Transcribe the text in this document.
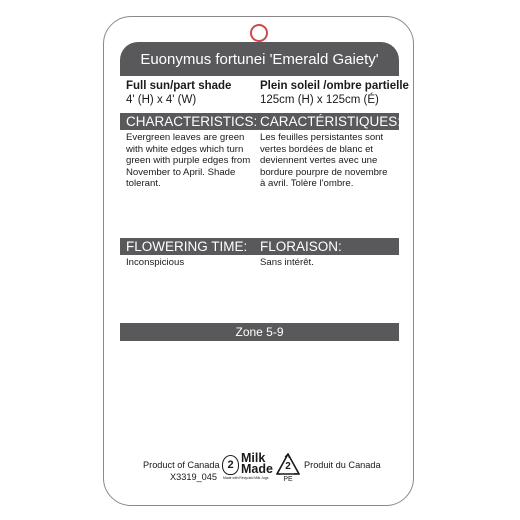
Euonymus fortunei 'Emerald Gaiety'
Full sun/part shade
4' (H) x 4' (W)
Plein soleil /ombre partielle
125cm (H) x 125cm (É)
CHARACTERISTICS: CARACTÉRISTIQUES:
Evergreen leaves are green with white edges which turn green with purple edges from November to April. Shade tolerant.
Les feuilles persistantes sont vertes bordées de blanc et deviennent vertes avec une bordure pourpre de novembre à avril. Tolère l'ombre.
FLOWERING TIME: FLORAISON:
Inconspicious	Sans intérêt.
Zone 5-9
Product of Canada
X3319_045
2 Milk
Made
Made with Recycled Milk Jugs
2
PE
Produit du Canada
